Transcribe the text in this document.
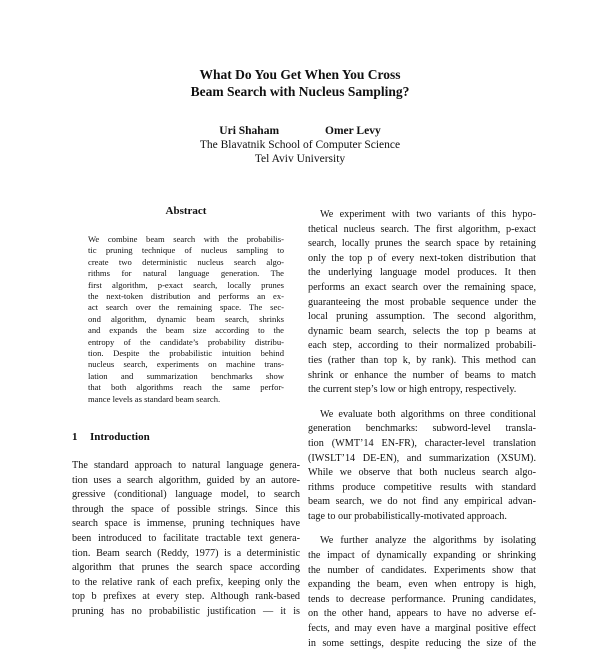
What Do You Get When You Cross
Beam Search with Nucleus Sampling?
Uri Shaham	Omer Levy
The Blavatnik School of Computer Science
Tel Aviv University
Abstract
We combine beam search with the probabilis-
tic pruning technique of nucleus sampling to
create two deterministic nucleus search algo-
rithms for natural language generation. The
first algorithm, p-exact search, locally prunes
the next-token distribution and performs an ex-
act search over the remaining space. The sec-
ond algorithm, dynamic beam search, shrinks
and expands the beam size according to the
entropy of the candidate’s probability distribu-
tion. Despite the probabilistic intuition behind
nucleus search, experiments on machine trans-
lation and summarization benchmarks show
that both algorithms reach the same perfor-
mance levels as standard beam search.
1 Introduction
The standard approach to natural language genera-
tion uses a search algorithm, guided by an autore-
gressive (conditional) language model, to search
through the space of possible strings. Since this
search space is immense, pruning techniques have
been introduced to facilitate tractable text genera-
tion. Beam search (Reddy, 1977) is a deterministic
algorithm that prunes the search space according
to the relative rank of each prefix, keeping only the
top b prefixes at every step. Although rank-based
pruning has no probabilistic justification — it is
We experiment with two variants of this hypo-
thetical nucleus search. The first algorithm, p-exact
search, locally prunes the search space by retaining
only the top p of every next-token distribution that
the underlying language model produces. It then
performs an exact search over the remaining space,
guaranteeing the most probable sequence under the
local pruning assumption. The second algorithm,
dynamic beam search, selects the top p beams at
each step, according to their normalized probabili-
ties (rather than top k, by rank). This method can
shrink or enhance the number of beams to match
the current step’s low or high entropy, respectively.
We evaluate both algorithms on three conditional
generation benchmarks: subword-level transla-
tion (WMT’14 EN-FR), character-level translation
(IWSLT’14 DE-EN), and summarization (XSUM).
While we observe that both nucleus search algo-
rithms produce competitive results with standard
beam search, we do not find any empirical advan-
tage to our probabilistically-motivated approach.
We further analyze the algorithms by isolating
the impact of dynamically expanding or shrinking
the number of candidates. Experiments show that
expanding the beam, even when entropy is high,
tends to decrease performance. Pruning candidates,
on the other hand, appears to have no adverse ef-
fects, and may even have a marginal positive effect
in some settings, despite reducing the size of the
